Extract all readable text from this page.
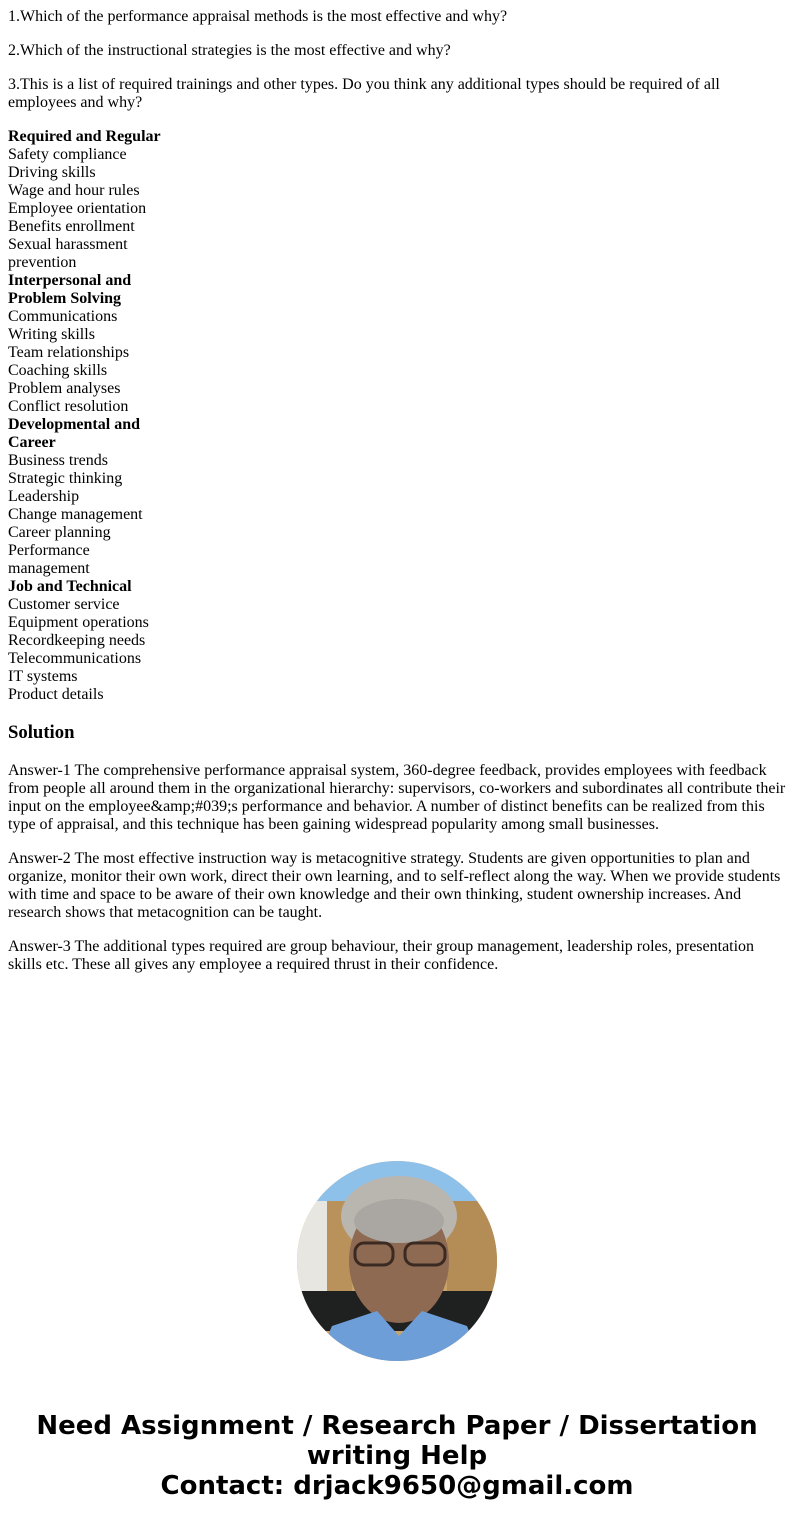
1.Which of the performance appraisal methods is the most effective and why?

2.Which of the instructional strategies is the most effective and why?

3.This is a list of required trainings and other types. Do you think any additional types should be required of all employees and why?

Required and Regular
Safety compliance
Driving skills
Wage and hour rules
Employee orientation
Benefits enrollment
Sexual harassment prevention
Interpersonal and Problem Solving
Communications
Writing skills
Team relationships
Coaching skills
Problem analyses
Conflict resolution
Developmental and Career
Business trends
Strategic thinking
Leadership
Change management
Career planning
Performance management
Job and Technical
Customer service
Equipment operations
Recordkeeping needs
Telecommunications
IT systems
Product details
Solution

Answer-1 The comprehensive performance appraisal system, 360-degree feedback, provides employees with feedback from people all around them in the organizational hierarchy: supervisors, co-workers and subordinates all contribute their input on the employee&amp;#039;s performance and behavior. A number of distinct benefits can be realized from this type of appraisal, and this technique has been gaining widespread popularity among small businesses.

Answer-2 The most effective instruction way is metacognitive strategy. Students are given opportunities to plan and organize, monitor their own work, direct their own learning, and to self-reflect along the way. When we provide students with time and space to be aware of their own knowledge and their own thinking, student ownership increases. And research shows that metacognition can be taught.

Answer-3 The additional types required are group behaviour, their group management, leadership roles, presentation skills etc. These all gives any employee a required thrust in their confidence.

Need Assignment / Research Paper / Dissertation writing Help
Contact: drjack9650@gmail.com
